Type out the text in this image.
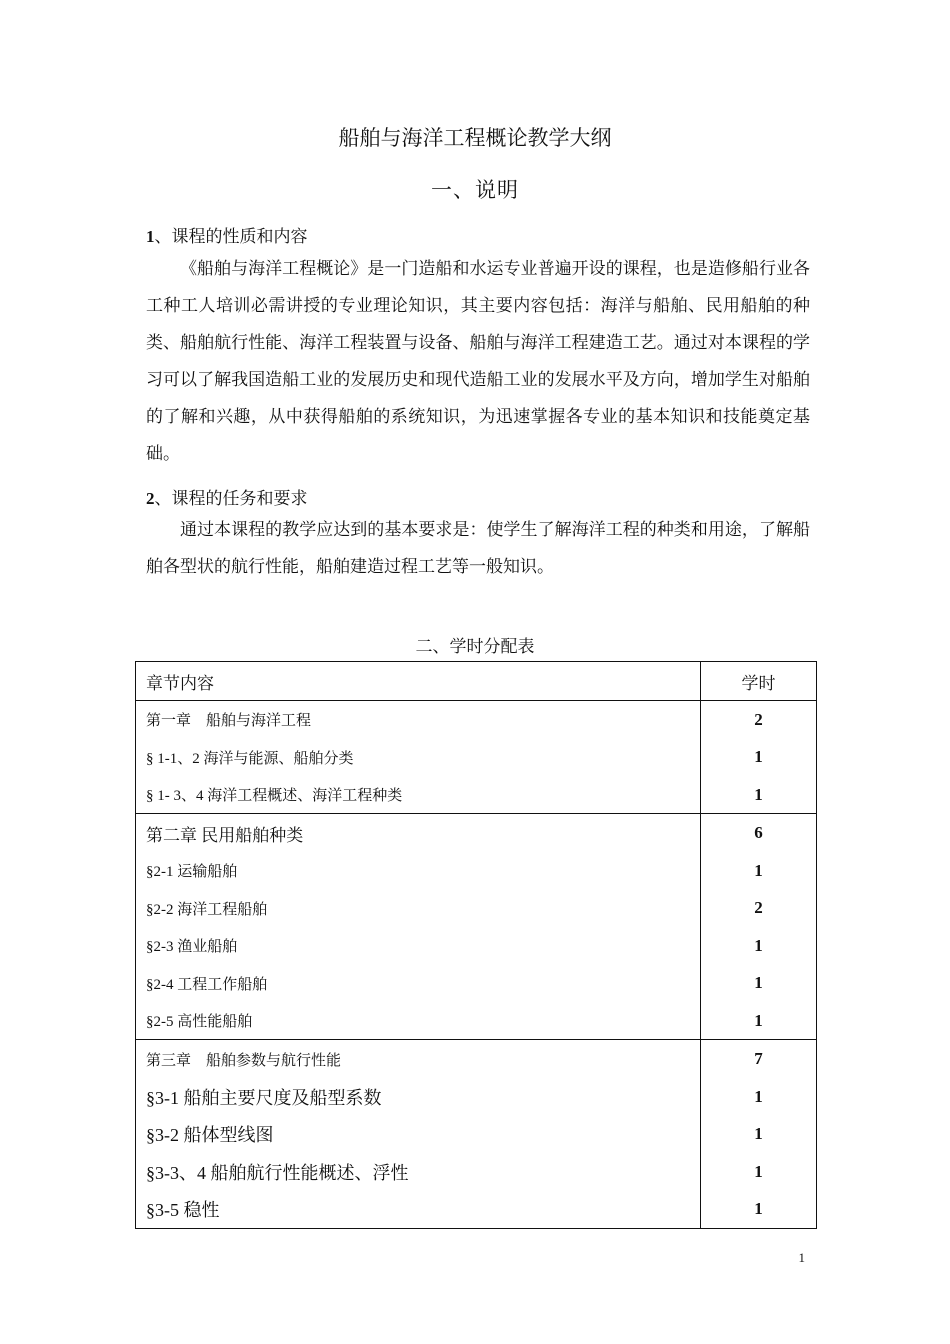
船舶与海洋工程概论教学大纲
一、说明
1、课程的性质和内容

《船舶与海洋工程概论》是一门造船和水运专业普遍开设的课程，也是造修船行业各工种工人培训必需讲授的专业理论知识，其主要内容包括：海洋与船舶、民用船舶的种类、船舶航行性能、海洋工程装置与设备、船舶与海洋工程建造工艺。通过对本课程的学习可以了解我国造船工业的发展历史和现代造船工业的发展水平及方向，增加学生对船舶的了解和兴趣，从中获得船舶的系统知识，为迅速掌握各专业的基本知识和技能奠定基础。

2、课程的任务和要求

通过本课程的教学应达到的基本要求是：使学生了解海洋工程的种类和用途，了解船舶各型状的航行性能，船舶建造过程工艺等一般知识。

二、学时分配表
章节内容	学时
第一章　船舶与海洋工程	2
§ 1-1、2 海洋与能源、船舶分类	1
§ 1- 3、4 海洋工程概述、海洋工程种类	1
第二章 民用船舶种类	6
§2-1 运输船舶	1
§2-2 海洋工程船舶	2
§2-3 渔业船舶	1
§2-4 工程工作船舶	1
§2-5 高性能船舶	1
第三章　船舶参数与航行性能	7
§3-1 船舶主要尺度及船型系数	1
§3-2 船体型线图	1
§3-3、4 船舶航行性能概述、浮性	1
§3-5 稳性	1
1
